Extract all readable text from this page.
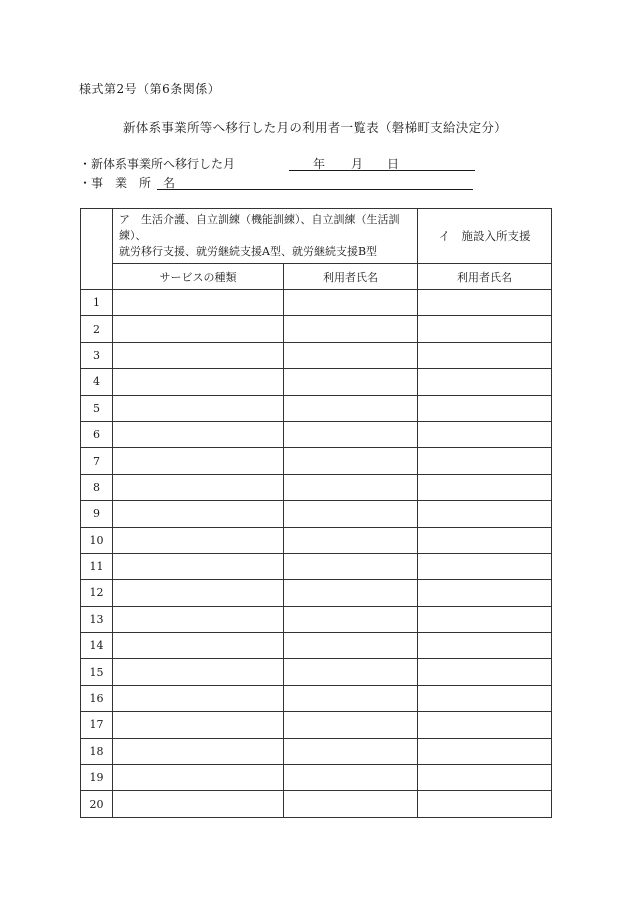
様式第2号（第6条関係）
新体系事業所等へ移行した月の利用者一覧表（磐梯町支給決定分）
・新体系事業所へ移行した月	年 月 日
・事　業　所　名

	ア　生活介護、自立訓練（機能訓練）、自立訓練（生活訓練）、
就労移行支援、就労継続支援A型、就労継続支援B型		イ　施設入所支援
	サービスの種類	利用者氏名	利用者氏名
1			
2			
3			
4			
5			
6			
7			
8			
9			
10			
11			
12			
13			
14			
15			
16			
17			
18			
19			
20			
